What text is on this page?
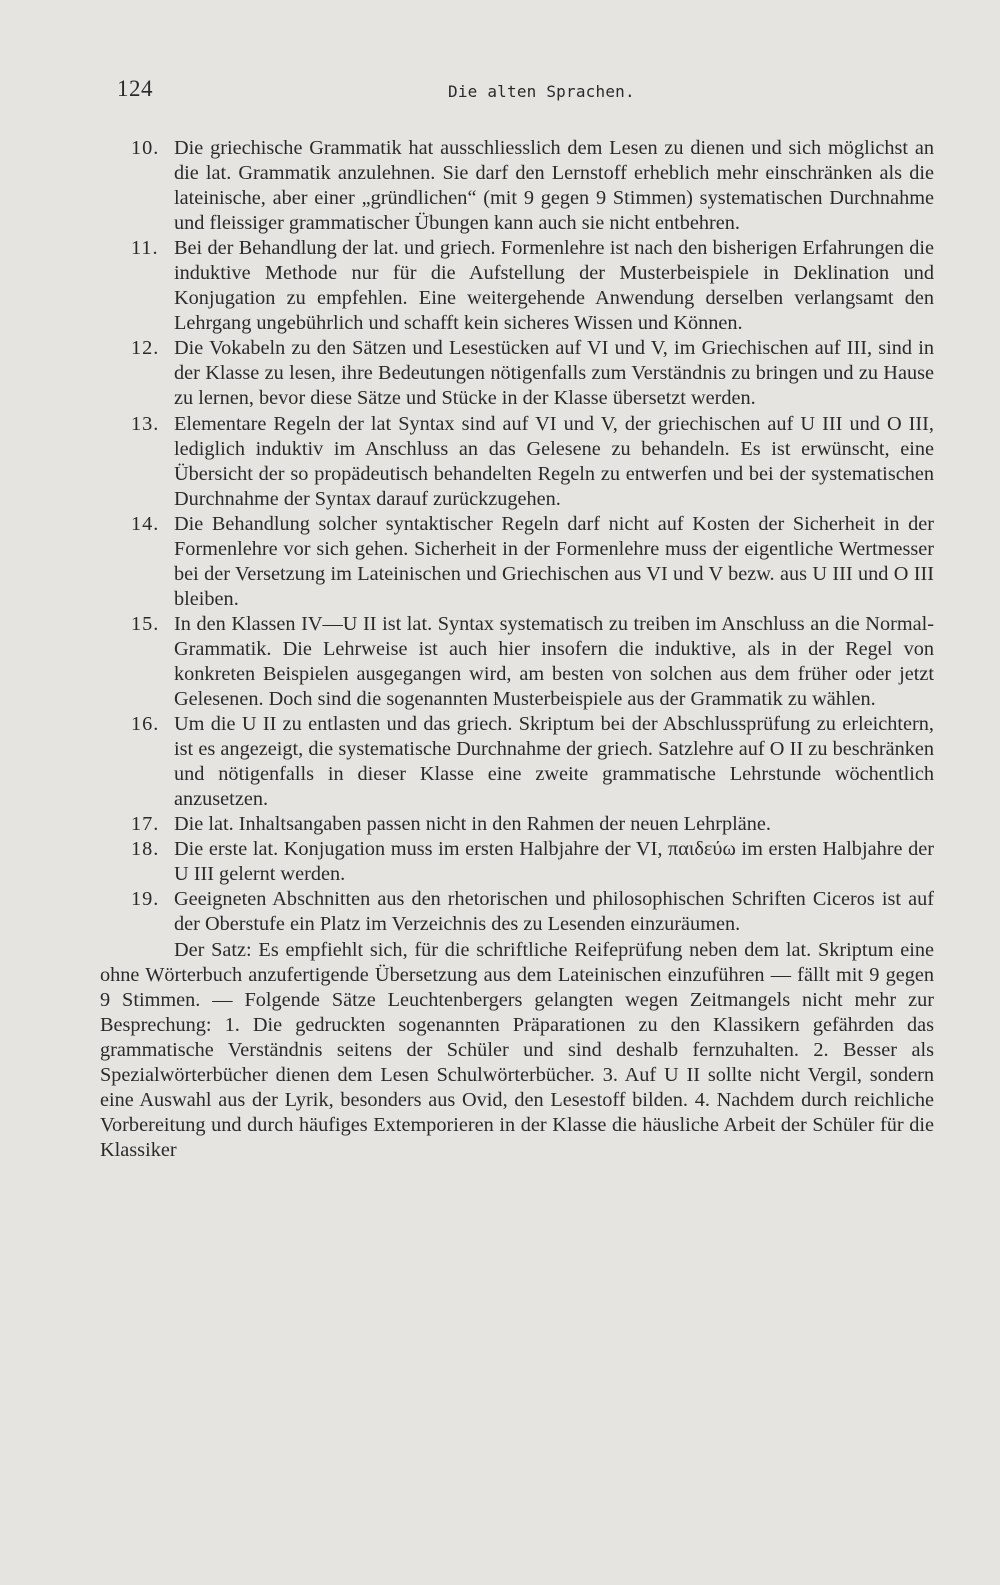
124	Die alten Sprachen.
10. Die griechische Grammatik hat ausschliesslich dem Lesen zu dienen und sich möglichst an die lat. Grammatik anzulehnen. Sie darf den Lernstoff erheblich mehr einschränken als die lateinische, aber einer „gründlichen“ (mit 9 gegen 9 Stimmen) systematischen Durchnahme und fleissiger grammatischer Übungen kann auch sie nicht entbehren.
11. Bei der Behandlung der lat. und griech. Formenlehre ist nach den bisherigen Erfahrungen die induktive Methode nur für die Aufstellung der Musterbeispiele in Deklination und Konjugation zu empfehlen. Eine weitergehende Anwendung derselben verlangsamt den Lehrgang ungebührlich und schafft kein sicheres Wissen und Können.
12. Die Vokabeln zu den Sätzen und Lesestücken auf VI und V, im Griechischen auf III, sind in der Klasse zu lesen, ihre Bedeutungen nötigenfalls zum Verständnis zu bringen und zu Hause zu lernen, bevor diese Sätze und Stücke in der Klasse übersetzt werden.
13. Elementare Regeln der lat Syntax sind auf VI und V, der griechischen auf U III und O III, lediglich induktiv im Anschluss an das Gelesene zu behandeln. Es ist erwünscht, eine Übersicht der so propädeutisch behandelten Regeln zu entwerfen und bei der systematischen Durchnahme der Syntax darauf zurückzugehen.
14. Die Behandlung solcher syntaktischer Regeln darf nicht auf Kosten der Sicherheit in der Formenlehre vor sich gehen. Sicherheit in der Formenlehre muss der eigentliche Wertmesser bei der Versetzung im Lateinischen und Griechischen aus VI und V bezw. aus U III und O III bleiben.
15. In den Klassen IV—U II ist lat. Syntax systematisch zu treiben im Anschluss an die Normal-Grammatik. Die Lehrweise ist auch hier insofern die induktive, als in der Regel von konkreten Beispielen ausgegangen wird, am besten von solchen aus dem früher oder jetzt Gelesenen. Doch sind die sogenannten Musterbeispiele aus der Grammatik zu wählen.
16. Um die U II zu entlasten und das griech. Skriptum bei der Abschlussprüfung zu erleichtern, ist es angezeigt, die systematische Durchnahme der griech. Satzlehre auf O II zu beschränken und nötigenfalls in dieser Klasse eine zweite grammatische Lehrstunde wöchentlich anzusetzen.
17. Die lat. Inhaltsangaben passen nicht in den Rahmen der neuen Lehrpläne.
18. Die erste lat. Konjugation muss im ersten Halbjahre der VI, παιδεύω im ersten Halbjahre der U III gelernt werden.
19. Geeigneten Abschnitten aus den rhetorischen und philosophischen Schriften Ciceros ist auf der Oberstufe ein Platz im Verzeichnis des zu Lesenden einzuräumen.

Der Satz: Es empfiehlt sich, für die schriftliche Reifeprüfung neben dem lat. Skriptum eine ohne Wörterbuch anzufertigende Übersetzung aus dem Lateinischen einzuführen — fällt mit 9 gegen 9 Stimmen. — Folgende Sätze Leuchtenbergers gelangten wegen Zeitmangels nicht mehr zur Besprechung: 1. Die gedruckten sogenannten Präparationen zu den Klassikern gefährden das grammatische Verständnis seitens der Schüler und sind deshalb fernzuhalten. 2. Besser als Spezialwörterbücher dienen dem Lesen Schulwörterbücher. 3. Auf U II sollte nicht Vergil, sondern eine Auswahl aus der Lyrik, besonders aus Ovid, den Lesestoff bilden. 4. Nachdem durch reichliche Vorbereitung und durch häufiges Extemporieren in der Klasse die häusliche Arbeit der Schüler für die Klassiker
